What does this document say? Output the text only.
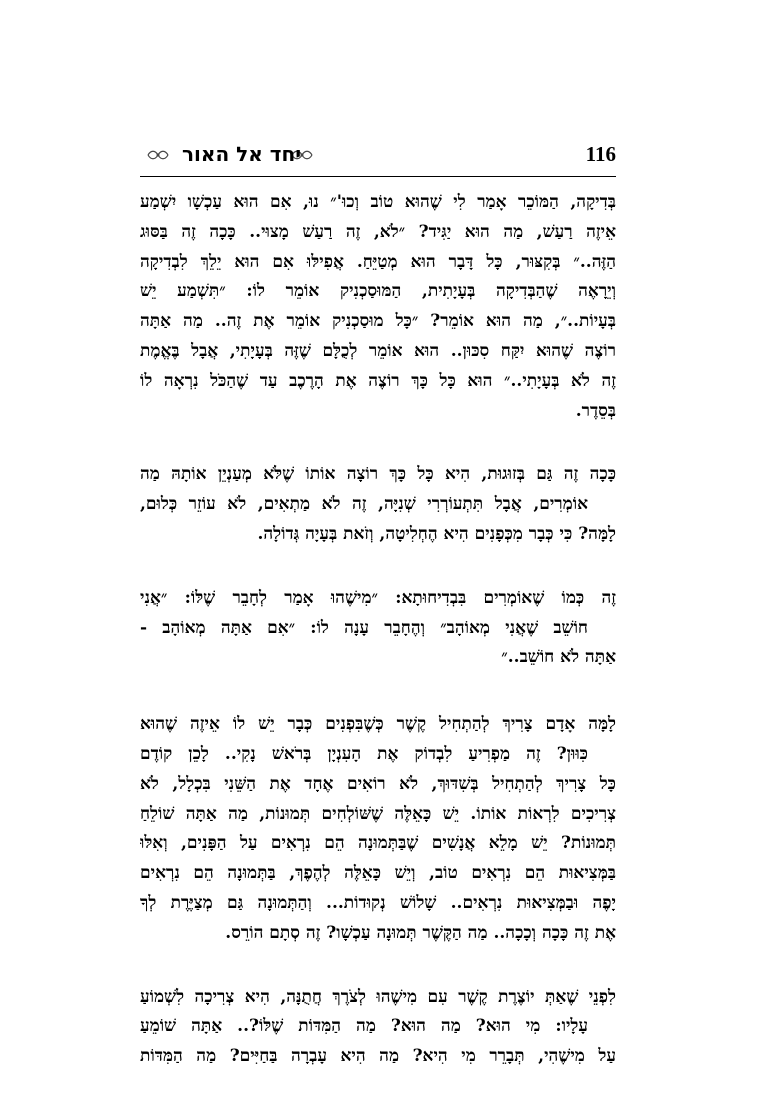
116
יחד אל האור
בְּדִיקָה, הַמּוֹכֵר אָמַר לִי שֶׁהוּא טוֹב וְכוּ'״ נוּ, אִם הוּא עַכְשָׁו יִשְׁמַע
אֵיזֶה רַעַשׁ, מַה הוּא יַגִּיד? ״לֹא, זֶה רַעַשׁ מָצוּי.. כָּכָה זֶה בַּסּוּג
הַזֶּה..״ בְּקִצּוּר, כָּל דָּבָר הוּא מְטַיֵּחַ. אֲפִילּוּ אִם הוּא יֵלֵךְ לִבְדִיקָה
וְיֵרָאֶה שֶׁהַבְּדִיקָה בְּעָיָתִית, הַמּוּסַכְנִיק אוֹמֵר לוֹ: ״תִּשְׁמַע יֵשׁ
בְּעָיוֹת..״, מַה הוּא אוֹמֵר? ״כָּל מוּסַכְנִיק אוֹמֵר אֶת זֶה.. מַה אַתָּה
רוֹצֶה שֶׁהוּא יִקַּח סִכּוּן.. הוּא אוֹמֵר לְכֻלָּם שֶׁזֶּה בְּעָיָתִי, אֲבָל בֶּאֱמֶת
זֶה לֹא בְּעָיָתִי..״ הוּא כָּל כָּךְ רוֹצֶה אֶת הָרֶכֶב עַד שֶׁהַכֹּל נִרְאָה לוֹ
בְּסֵדֶר.
כָּכָה זֶה גַּם בְּזוּגוּת, הִיא כָּל כָּךְ רוֹצָה אוֹתוֹ שֶׁלֹּא מְעַנְיֵן אוֹתָהּ מַה
אוֹמְרִים, אֲבָל תִּתְעוֹרְרִי שְׁנִיָּה, זֶה לֹא מַתְאִים, לֹא עוֹזֵר כְּלוּם,
לָמָּה? כִּי כְּבָר מִכְּפָנִים הִיא הֶחְלִיטָה, וְזֹאת בְּעָיָה גְּדוֹלָה.
זֶה כְּמוֹ שֶׁאוֹמְרִים בִּבְדִיחוּתָא: ״מִישֶׁהוּ אָמַר לְחָבֵר שֶׁלּוֹ: ״אֲנִי
חוֹשֵׁב שֶׁאֲנִי מְאוֹהָב״ וְהֶחָבֵר עָנָה לוֹ: ״אִם אַתָּה מְאוֹהָב -
אַתָּה לֹא חוֹשֵׁב..״
לָמָּה אָדָם צָרִיךְ לְהַתְחִיל קֶשֶׁר כְּשֶׁבִּפְנִים כְּבָר יֵשׁ לוֹ אֵיזֶה שֶׁהוּא
כִּוּוּן? זֶה מַפְרִיעַ לִבְדוֹק אֶת הָעִנְיָן בְּרֹאשׁ נָקִי.. לָכֵן קוֹדֶם
כָּל צָרִיךְ לְהַתְחִיל בְּשִׁדּוּךְ, לֹא רוֹאִים אֶחָד אֶת הַשֵּׁנִי בִּכְלָל, לֹא
צְרִיכִים לִרְאוֹת אוֹתוֹ. יֵשׁ כָּאֵלֶּה שֶׁשּׁוֹלְחִים תְּמוּנוֹת, מַה אַתָּה שׁוֹלֵחַ
תְּמוּנוֹת? יֵשׁ מָלֵא אֲנָשִׁים שֶׁבַּתְּמוּנָה הֵם נִרְאִים עַל הַפָּנִים, וְאִלּוּ
בַּמְּצִיאוּת הֵם נִרְאִים טוֹב, וְיֵשׁ כָּאֵלֶּה לְהֶפֶךְ, בַּתְּמוּנָה הֵם נִרְאִים
יָפֶה וּבַמְּצִיאוּת נִרְאִים.. שָׁלוֹשׁ נְקוּדוֹת... וְהַתְּמוּנָה גַּם מְצַיֶּרֶת לְךָ
אֶת זֶה כָּכָה וְכָכָה.. מַה הַקֶּשֶׁר תְּמוּנָה עַכְשָׁו? זֶה סְתָם הוֹרֵס.
לִפְנֵי שֶׁאַתְּ יוֹצֶרֶת קֶשֶׁר עִם מִישֶׁהוּ לְצֹרֶךְ חֲתֻנָּה, הִיא צְרִיכָה לִשְׁמוֹעַ
עָלָיו: מִי הוּא? מַה הוּא? מַה הַמִּדּוֹת שֶׁלּוֹ?.. אַתָּה שׁוֹמֵעַ
עַל מִישֶׁהִי, תְּבָרֵר מִי הִיא? מַה הִיא עָבְרָה בַּחַיִּים? מַה הַמִּדּוֹת
